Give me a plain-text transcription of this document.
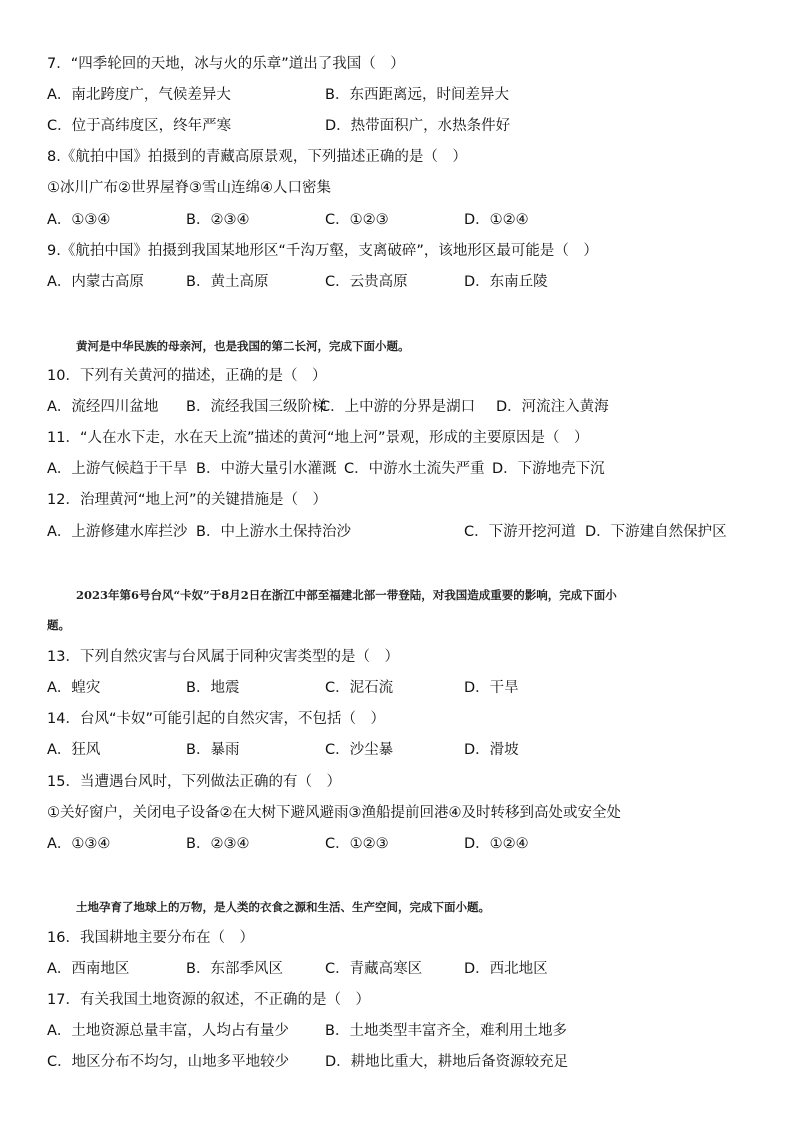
7．“四季轮回的天地，冰与火的乐章”道出了我国（　）
A．南北跨度广，气候差异大	B．东西距离远，时间差异大
C．位于高纬度区，终年严寒	D．热带面积广，水热条件好
8.《航拍中国》拍摄到的青藏高原景观，下列描述正确的是（　）
①冰川广布②世界屋脊③雪山连绵④人口密集
A．①③④	B．②③④	C．①②③	D．①②④
9.《航拍中国》拍摄到我国某地形区“千沟万壑，支离破碎”，该地形区最可能是（　）
A．内蒙古高原	B．黄土高原	C．云贵高原	D．东南丘陵
黄河是中华民族的母亲河，也是我国的第二长河，完成下面小题。
10．下列有关黄河的描述，正确的是（　）
A．流经四川盆地 B．流经我国三级阶梯
C．上中游的分界是湖口 D．河流注入黄海
11．“人在水下走，水在天上流”描述的黄河“地上河”景观，形成的主要原因是（　）
A．上游气候趋于干旱 B．中游大量引水灌溉 C．中游水土流失严重 D．下游地壳下沉
12．治理黄河“地上河”的关键措施是（　）
A．上游修建水库拦沙 B．中上游水土保持治沙	C．下游开挖河道 D．下游建自然保护区
2023年第6号台风“卡奴”于8月2日在浙江中部至福建北部一带登陆，对我国造成重要的影响，完成下面小
题。
13．下列自然灾害与台风属于同种灾害类型的是（　）
A．蝗灾	B．地震	C．泥石流	D．干旱
14．台风“卡奴”可能引起的自然灾害，不包括（　）
A．狂风	B．暴雨	C．沙尘暴	D．滑坡
15．当遭遇台风时，下列做法正确的有（　）
①关好窗户，关闭电子设备②在大树下避风避雨③渔船提前回港④及时转移到高处或安全处
A．①③④	B．②③④	C．①②③	D．①②④
土地孕育了地球上的万物，是人类的衣食之源和生活、生产空间，完成下面小题。
16．我国耕地主要分布在（　）
A．西南地区	B．东部季风区	C．青藏高寒区	D．西北地区
17．有关我国土地资源的叙述，不正确的是（　）
A．土地资源总量丰富，人均占有量少 B．土地类型丰富齐全，难利用土地多
C．地区分布不均匀，山地多平地较少 D．耕地比重大，耕地后备资源较充足
